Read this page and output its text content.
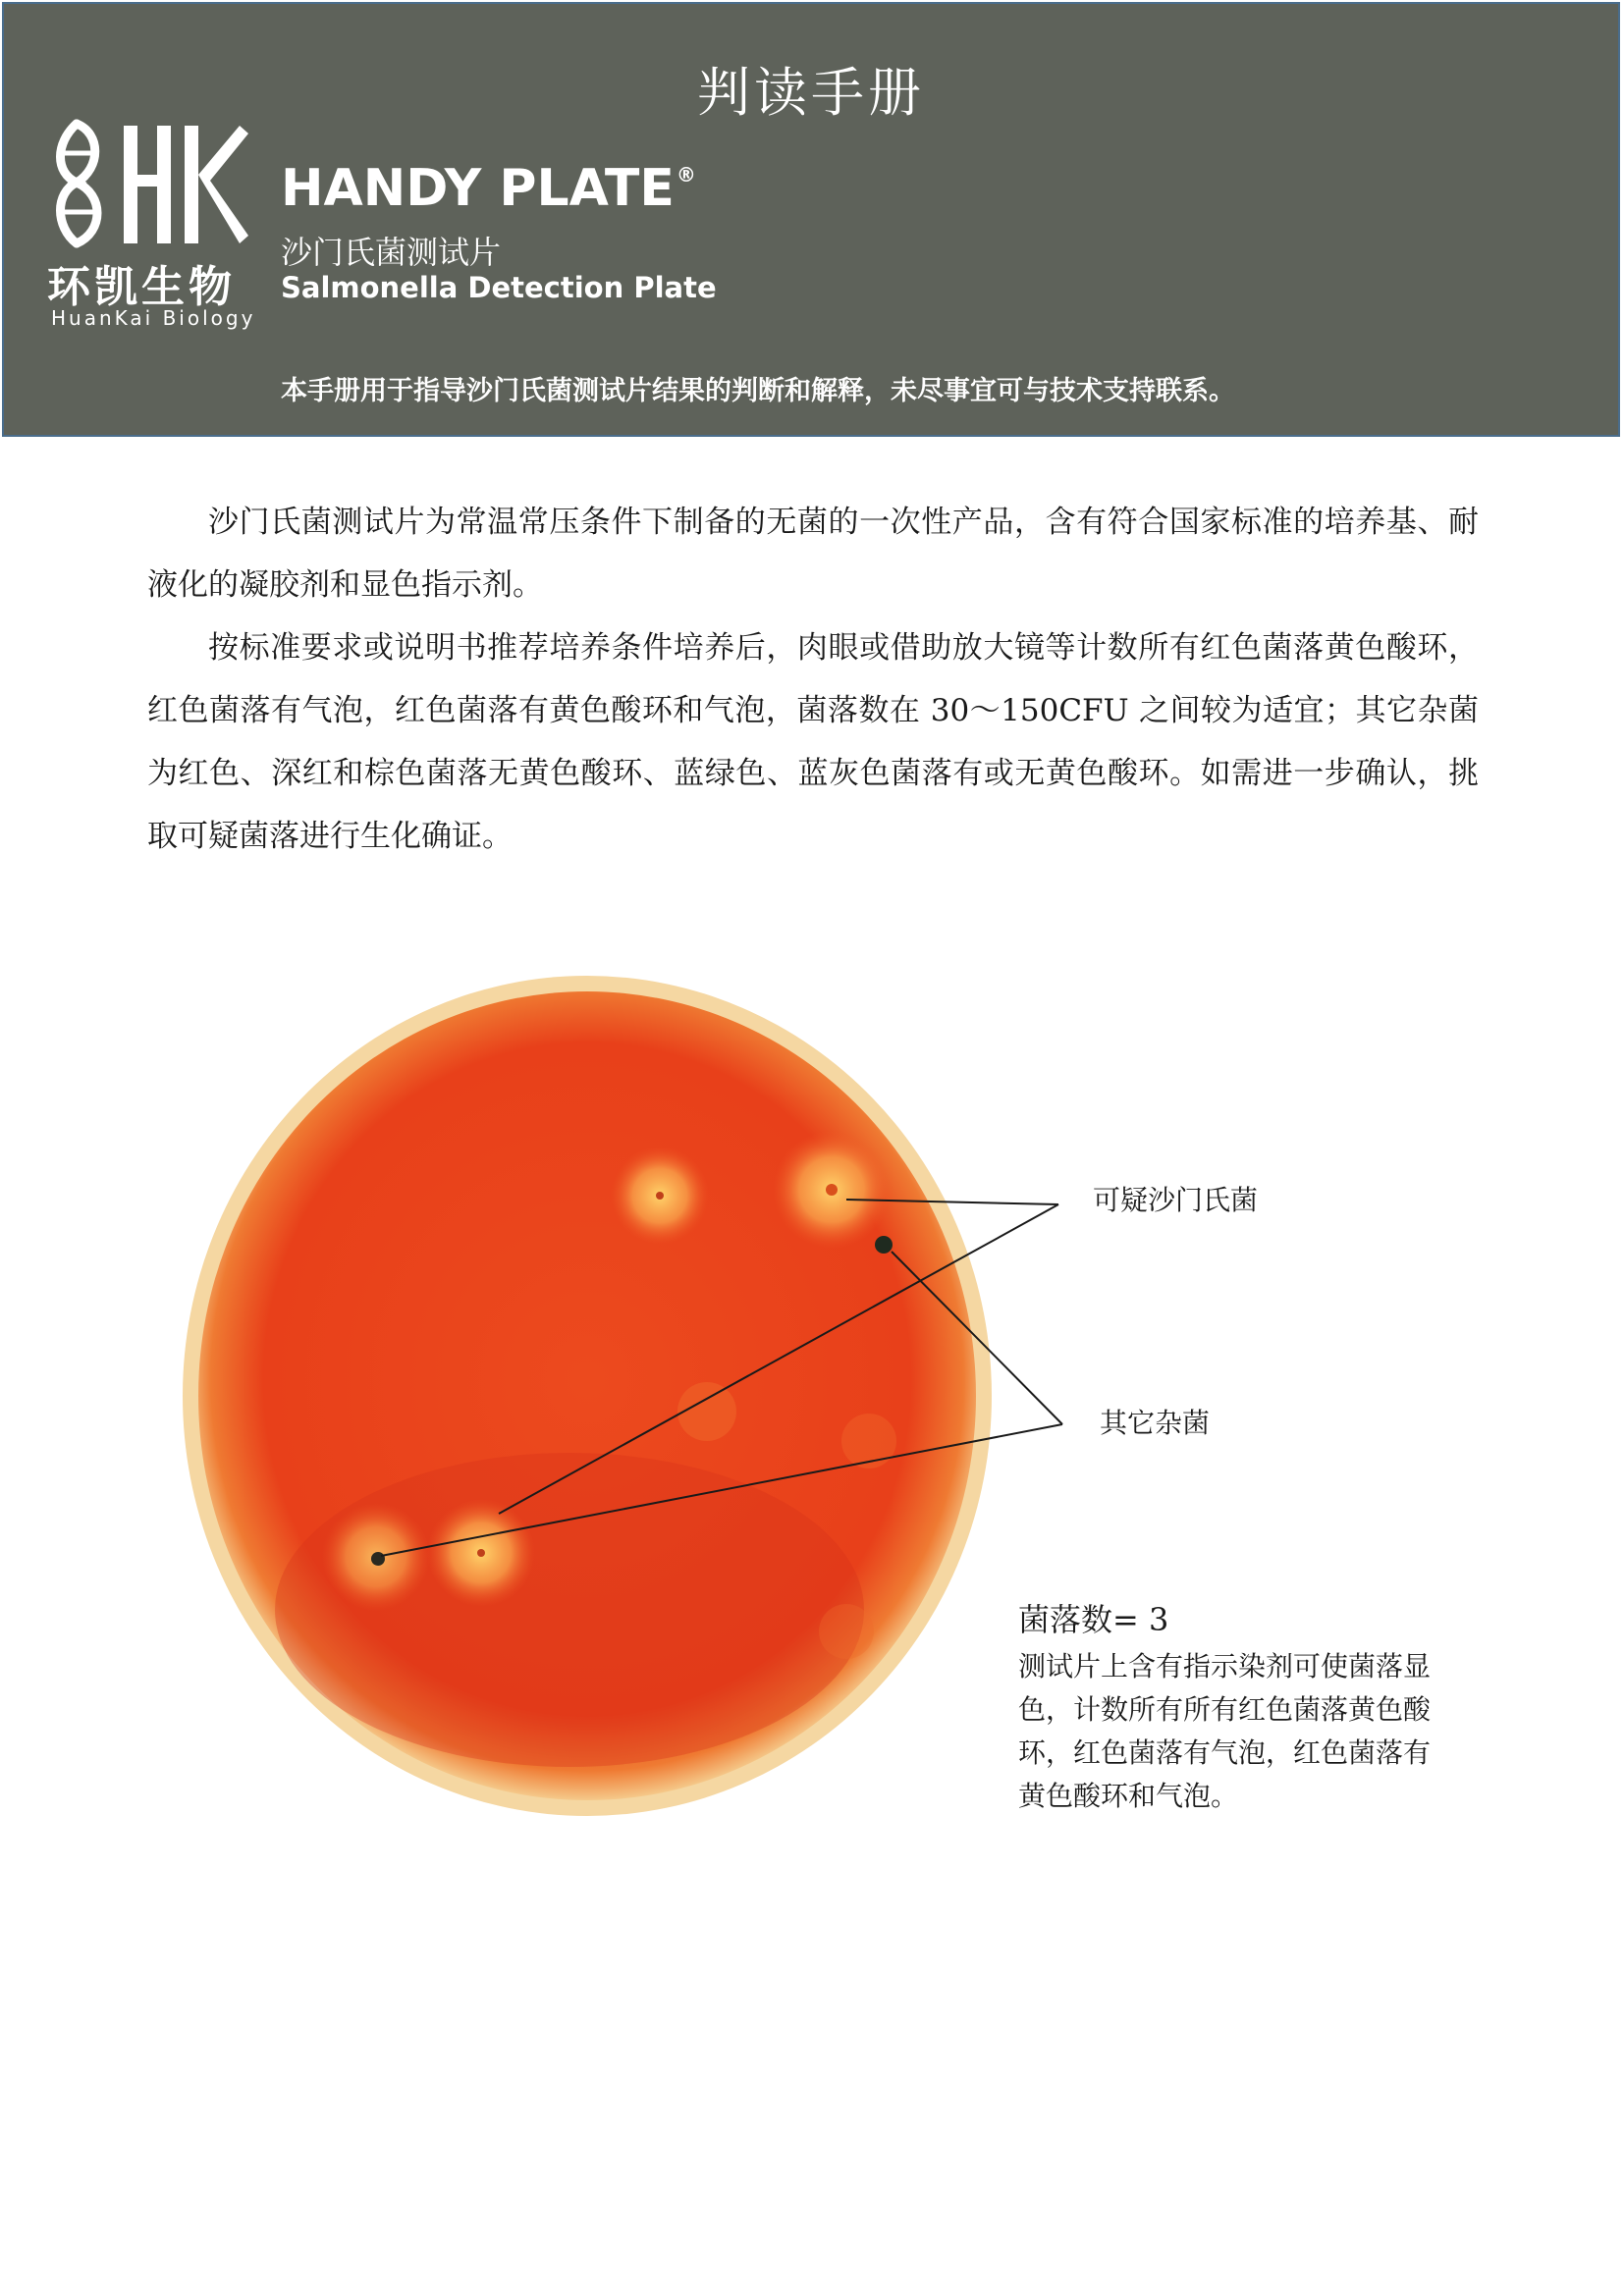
判读手册
环凯生物
HuanKai Biology
HANDY PLATE ®
沙门氏菌测试片
Salmonella Detection Plate
本手册用于指导沙门氏菌测试片结果的判断和解释，未尽事宜可与技术支持联系。

沙门氏菌测试片为常温常压条件下制备的无菌的一次性产品，含有符合国家标准的培养基、耐液化的凝胶剂和显色指示剂。

按标准要求或说明书推荐培养条件培养后，肉眼或借助放大镜等计数所有红色菌落黄色酸环，红色菌落有气泡，红色菌落有黄色酸环和气泡，菌落数在 30～150CFU 之间较为适宜；其它杂菌为红色、深红和棕色菌落无黄色酸环、蓝绿色、蓝灰色菌落有或无黄色酸环。如需进一步确认，挑取可疑菌落进行生化确证。

可疑沙门氏菌
其它杂菌
菌落数= 3
测试片上含有指示染剂可使菌落显色，计数所有所有红色菌落黄色酸环，红色菌落有气泡，红色菌落有黄色酸环和气泡。
